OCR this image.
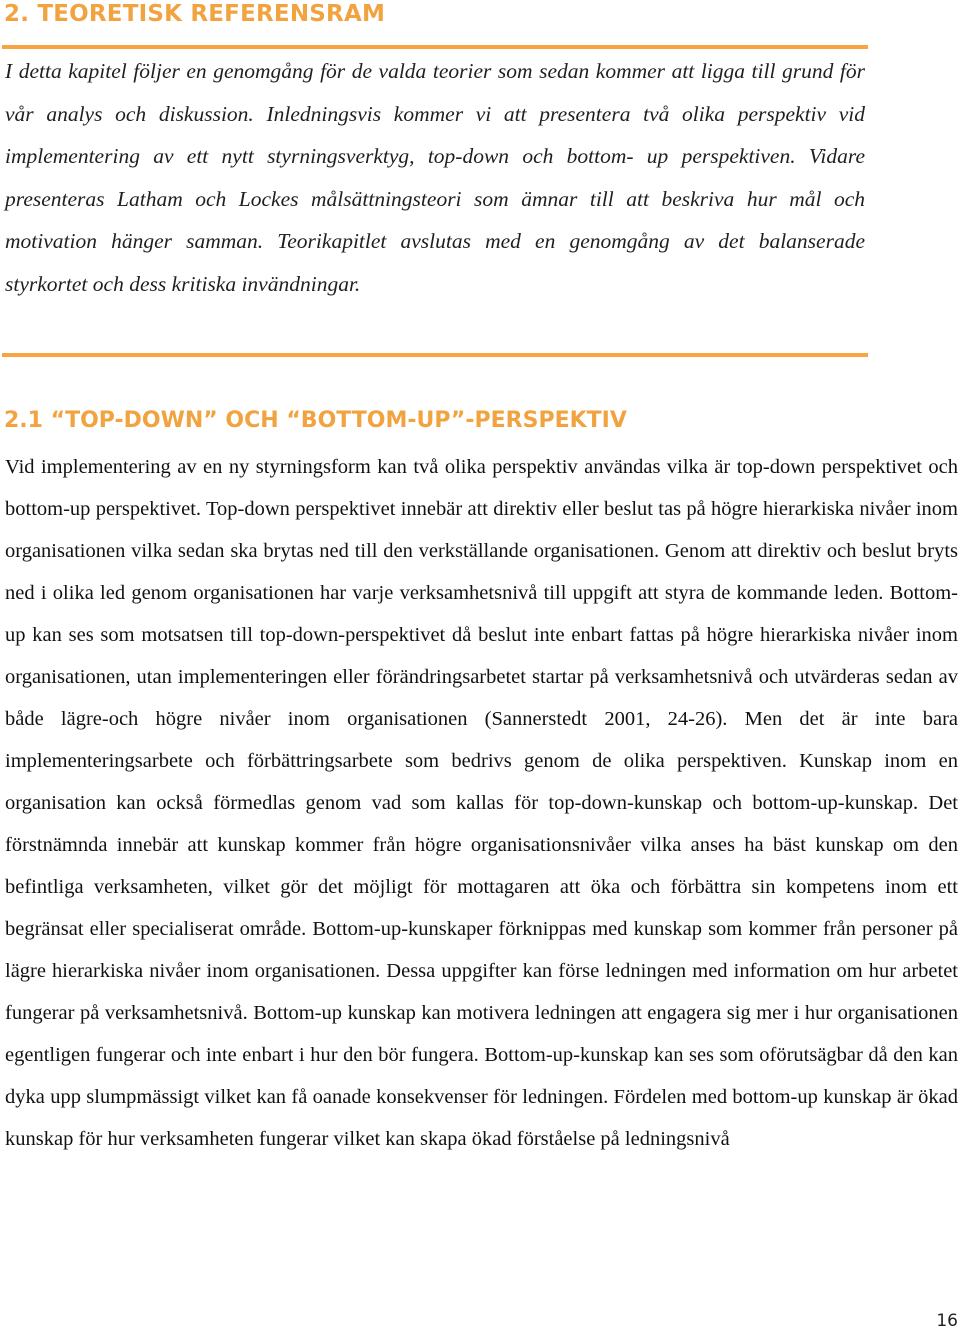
2. TEORETISK REFERENSRAM

I detta kapitel följer en genomgång för de valda teorier som sedan kommer att ligga till grund för vår analys och diskussion. Inledningsvis kommer vi att presentera två olika perspektiv vid implementering av ett nytt styrningsverktyg, top-down och bottom- up perspektiven. Vidare presenteras Latham och Lockes målsättningsteori som ämnar till att beskriva hur mål och motivation hänger samman. Teorikapitlet avslutas med en genomgång av det balanserade styrkortet och dess kritiska invändningar.

2.1 “TOP-DOWN” OCH “BOTTOM-UP”-PERSPEKTIV

Vid implementering av en ny styrningsform kan två olika perspektiv användas vilka är top-down perspektivet och bottom-up perspektivet. Top-down perspektivet innebär att direktiv eller beslut tas på högre hierarkiska nivåer inom organisationen vilka sedan ska brytas ned till den verkställande organisationen. Genom att direktiv och beslut bryts ned i olika led genom organisationen har varje verksamhetsnivå till uppgift att styra de kommande leden. Bottom-up kan ses som motsatsen till top-down-perspektivet då beslut inte enbart fattas på högre hierarkiska nivåer inom organisationen, utan implementeringen eller förändringsarbetet startar på verksamhetsnivå och utvärderas sedan av både lägre-och högre nivåer inom organisationen (Sannerstedt 2001, 24-26). Men det är inte bara implementeringsarbete och förbättringsarbete som bedrivs genom de olika perspektiven. Kunskap inom en organisation kan också förmedlas genom vad som kallas för top-down-kunskap och bottom-up-kunskap. Det förstnämnda innebär att kunskap kommer från högre organisationsnivåer vilka anses ha bäst kunskap om den befintliga verksamheten, vilket gör det möjligt för mottagaren att öka och förbättra sin kompetens inom ett begränsat eller specialiserat område. Bottom-up-kunskaper förknippas med kunskap som kommer från personer på lägre hierarkiska nivåer inom organisationen. Dessa uppgifter kan förse ledningen med information om hur arbetet fungerar på verksamhetsnivå. Bottom-up kunskap kan motivera ledningen att engagera sig mer i hur organisationen egentligen fungerar och inte enbart i hur den bör fungera. Bottom-up-kunskap kan ses som oförutsägbar då den kan dyka upp slumpmässigt vilket kan få oanade konsekvenser för ledningen. Fördelen med bottom-up kunskap är ökad kunskap för hur verksamheten fungerar vilket kan skapa ökad förståelse på ledningsnivå

16
